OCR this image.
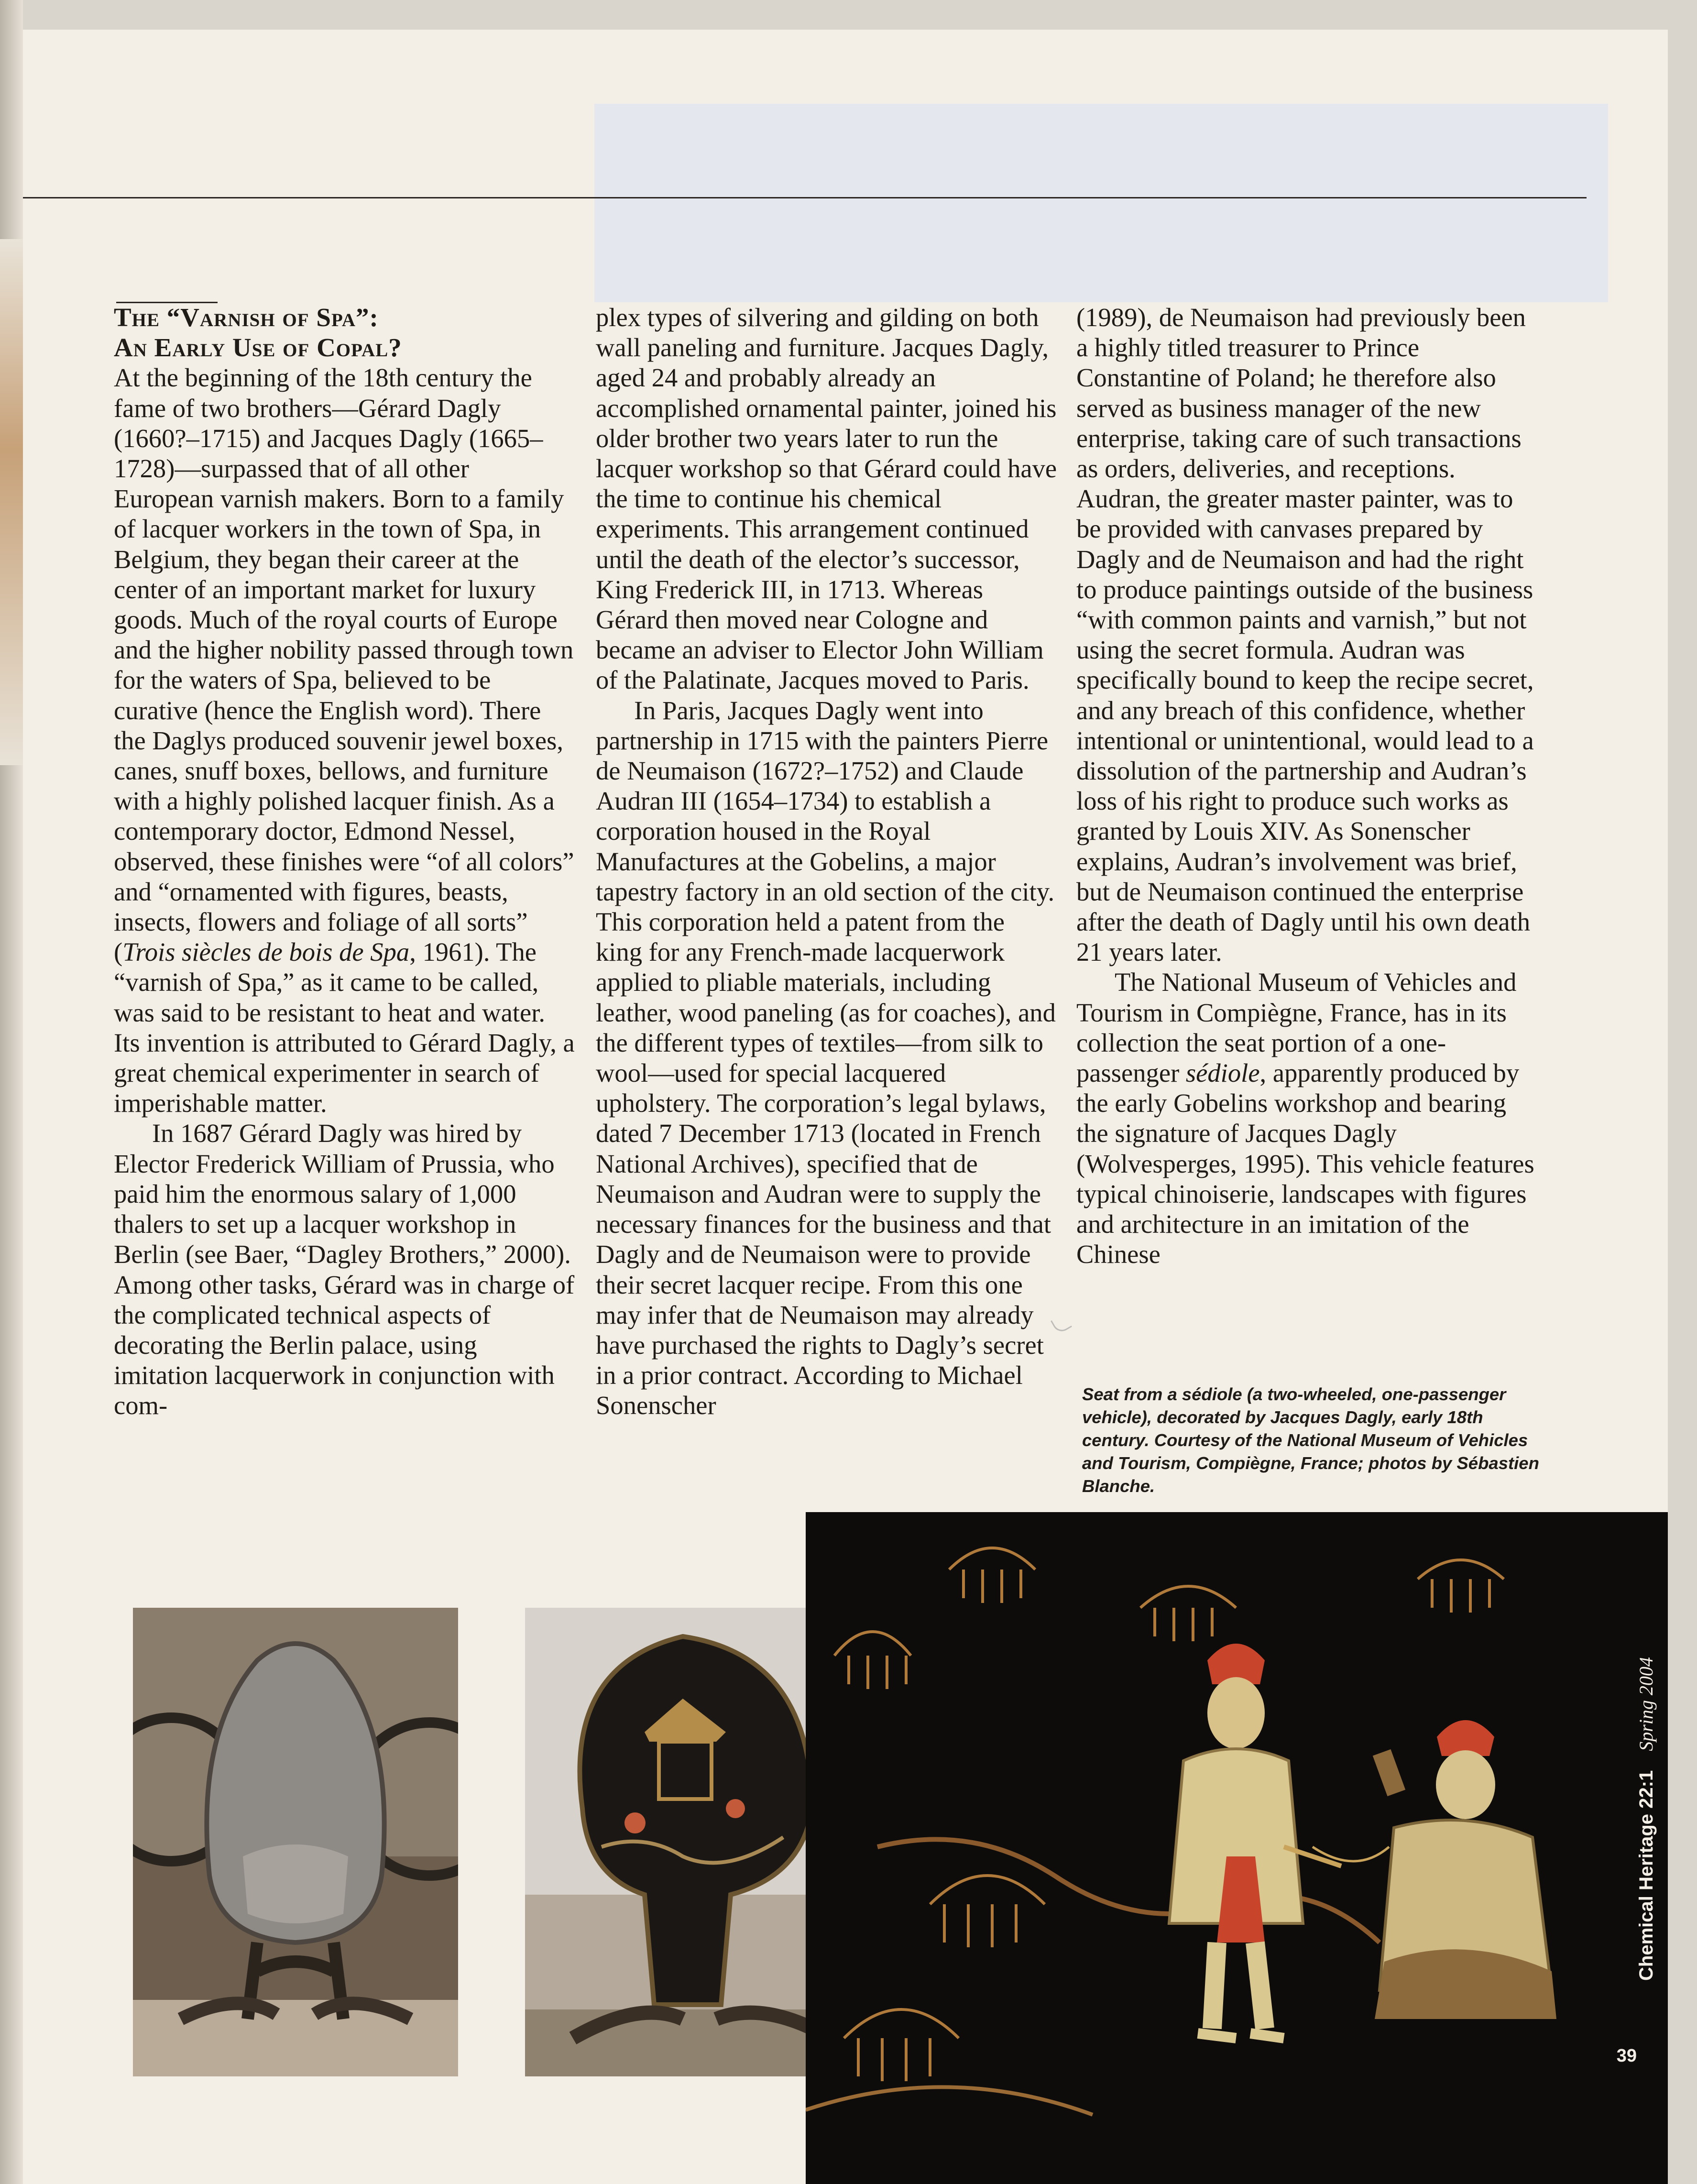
The “Varnish of Spa”:

An Early Use of Copal?

At the beginning of the 18th century the fame of two brothers—Gérard Dagly (1660?–1715) and Jacques Dagly (1665–1728)—surpassed that of all other European varnish makers. Born to a family of lacquer workers in the town of Spa, in Belgium, they began their career at the center of an important market for luxury goods. Much of the royal courts of Europe and the higher nobility passed through town for the waters of Spa, believed to be curative (hence the English word). There the Daglys produced souvenir jewel boxes, canes, snuff boxes, bellows, and furniture with a highly polished lacquer finish. As a contemporary doctor, Edmond Nessel, observed, these finishes were “of all colors” and “ornamented with figures, beasts, insects, flowers and foliage of all sorts” (Trois siècles de bois de Spa, 1961). The “varnish of Spa,” as it came to be called, was said to be resistant to heat and water. Its invention is attributed to Gérard Dagly, a great chemical experimenter in search of imperishable matter.

In 1687 Gérard Dagly was hired by Elector Frederick William of Prussia, who paid him the enormous salary of 1,000 thalers to set up a lacquer workshop in Berlin (see Baer, “Dagley Brothers,” 2000). Among other tasks, Gérard was in charge of the complicated technical aspects of decorating the Berlin palace, using imitation lacquerwork in conjunction with com-

plex types of silvering and gilding on both wall paneling and furniture. Jacques Dagly, aged 24 and probably already an accomplished ornamental painter, joined his older brother two years later to run the lacquer workshop so that Gérard could have the time to continue his chemical experiments. This arrangement continued until the death of the elector’s successor, King Frederick III, in 1713. Whereas Gérard then moved near Cologne and became an adviser to Elector John William of the Palatinate, Jacques moved to Paris.

In Paris, Jacques Dagly went into partnership in 1715 with the painters Pierre de Neumaison (1672?–1752) and Claude Audran III (1654–1734) to establish a corporation housed in the Royal Manufactures at the Gobelins, a major tapestry factory in an old section of the city. This corporation held a patent from the king for any French-made lacquerwork applied to pliable materials, including leather, wood paneling (as for coaches), and the different types of textiles—from silk to wool—used for special lacquered upholstery. The corporation’s legal bylaws, dated 7 December 1713 (located in French National Archives), specified that de Neumaison and Audran were to supply the necessary finances for the business and that Dagly and de Neumaison were to provide their secret lacquer recipe. From this one may infer that de Neumaison may already have purchased the rights to Dagly’s secret in a prior contract. According to Michael Sonenscher

(1989), de Neumaison had previously been a highly titled treasurer to Prince Constantine of Poland; he therefore also served as business manager of the new enterprise, taking care of such transactions as orders, deliveries, and receptions. Audran, the greater master painter, was to be provided with canvases prepared by Dagly and de Neumaison and had the right to produce paintings outside of the business “with common paints and varnish,” but not using the secret formula. Audran was specifically bound to keep the recipe secret, and any breach of this confidence, whether intentional or unintentional, would lead to a dissolution of the partnership and Audran’s loss of his right to produce such works as granted by Louis XIV. As Sonenscher explains, Audran’s involvement was brief, but de Neumaison continued the enterprise after the death of Dagly until his own death 21 years later.

The National Museum of Vehicles and Tourism in Compiègne, France, has in its collection the seat portion of a one-passenger sédiole, apparently produced by the early Gobelins workshop and bearing the signature of Jacques Dagly (Wolvesperges, 1995). This vehicle features typical chinoiserie, landscapes with figures and architecture in an imitation of the Chinese

Seat from a sédiole (a two-wheeled, one-passenger vehicle), decorated by Jacques Dagly, early 18th century. Courtesy of the National Museum of Vehicles and Tourism, Compiègne, France; photos by Sébastien Blanche.
Chemical Heritage 22:1Spring 2004
39
